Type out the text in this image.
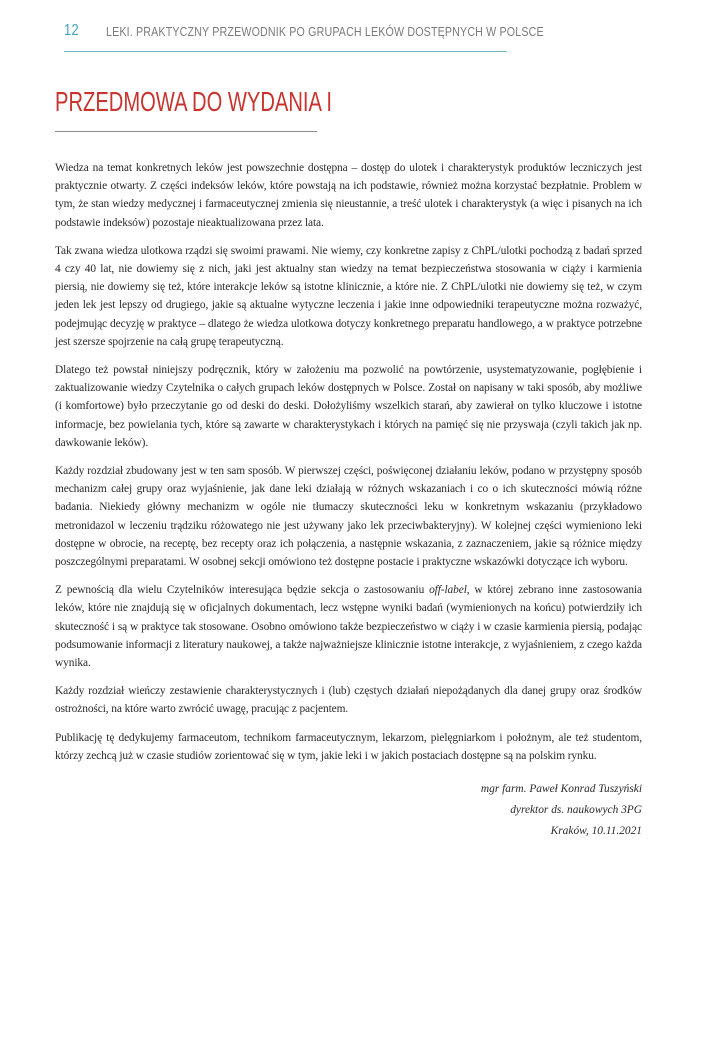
12 LEKI. PRAKTYCZNY PRZEWODNIK PO GRUPACH LEKÓW DOSTĘPNYCH W POLSCE
PRZEDMOWA DO WYDANIA I

Wiedza na temat konkretnych leków jest powszechnie dostępna – dostęp do ulotek i charakterystyk produktów leczniczych jest praktycznie otwarty. Z części indeksów leków, które powstają na ich podstawie, również można korzystać bezpłatnie. Problem w tym, że stan wiedzy medycznej i farmaceutycznej zmienia się nieustannie, a treść ulotek i charakterystyk (a więc i pisanych na ich podstawie indeksów) pozostaje nieaktualizowana przez lata.

Tak zwana wiedza ulotkowa rządzi się swoimi prawami. Nie wiemy, czy konkretne zapisy z ChPL/ulotki pochodzą z badań sprzed 4 czy 40 lat, nie dowiemy się z nich, jaki jest aktualny stan wiedzy na temat bezpieczeństwa stosowania w ciąży i karmienia piersią, nie dowiemy się też, które interakcje leków są istotne klinicznie, a które nie. Z ChPL/ulotki nie dowiemy się też, w czym jeden lek jest lepszy od drugiego, jakie są aktualne wytyczne leczenia i jakie inne odpowiedniki terapeutyczne można rozważyć, podejmując decyzję w praktyce – dlatego że wiedza ulotkowa dotyczy konkretnego preparatu handlowego, a w praktyce potrzebne jest szersze spojrzenie na całą grupę terapeutyczną.

Dlatego też powstał niniejszy podręcznik, który w założeniu ma pozwolić na powtórzenie, usystematyzowanie, pogłębienie i zaktualizowanie wiedzy Czytelnika o całych grupach leków dostępnych w Polsce. Został on napisany w taki sposób, aby możliwe (i komfortowe) było przeczytanie go od deski do deski. Dołożyliśmy wszelkich starań, aby zawierał on tylko kluczowe i istotne informacje, bez powielania tych, które są zawarte w charakterystykach i których na pamięć się nie przyswaja (czyli takich jak np. dawkowanie leków).

Każdy rozdział zbudowany jest w ten sam sposób. W pierwszej części, poświęconej działaniu leków, podano w przystępny sposób mechanizm całej grupy oraz wyjaśnienie, jak dane leki działają w różnych wskazaniach i co o ich skuteczności mówią różne badania. Niekiedy główny mechanizm w ogóle nie tłumaczy skuteczności leku w konkretnym wskazaniu (przykładowo metronidazol w leczeniu trądziku różowatego nie jest używany jako lek przeciwbakteryjny). W kolejnej części wymieniono leki dostępne w obrocie, na receptę, bez recepty oraz ich połączenia, a następnie wskazania, z zaznaczeniem, jakie są różnice między poszczególnymi preparatami. W osobnej sekcji omówiono też dostępne postacie i praktyczne wskazówki dotyczące ich wyboru.

Z pewnością dla wielu Czytelników interesująca będzie sekcja o zastosowaniu off-label, w której zebrano inne zastosowania leków, które nie znajdują się w oficjalnych dokumentach, lecz wstępne wyniki badań (wymienionych na końcu) potwierdziły ich skuteczność i są w praktyce tak stosowane. Osobno omówiono także bezpieczeństwo w ciąży i w czasie karmienia piersią, podając podsumowanie informacji z literatury naukowej, a także najważniejsze klinicznie istotne interakcje, z wyjaśnieniem, z czego każda wynika.

Każdy rozdział wieńczy zestawienie charakterystycznych i (lub) częstych działań niepożądanych dla danej grupy oraz środków ostrożności, na które warto zwrócić uwagę, pracując z pacjentem.

Publikację tę dedykujemy farmaceutom, technikom farmaceutycznym, lekarzom, pielęgniarkom i położnym, ale też studentom, którzy zechcą już w czasie studiów zorientować się w tym, jakie leki i w jakich postaciach dostępne są na polskim rynku.

mgr farm. Paweł Konrad Tuszyński
dyrektor ds. naukowych 3PG
Kraków, 10.11.2021
